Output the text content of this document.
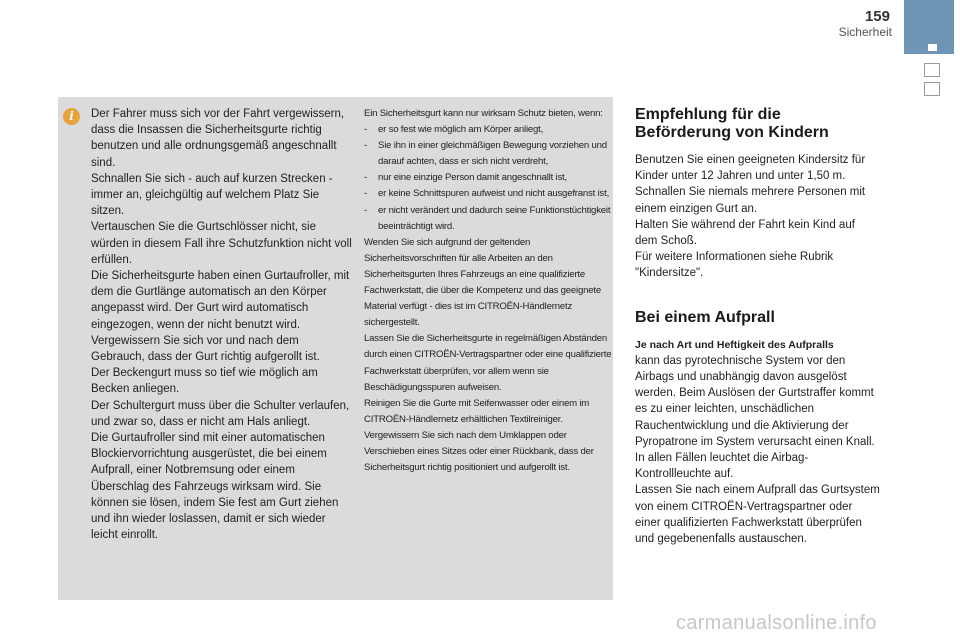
159
Sicherheit
i	Der Fahrer muss sich vor der Fahrt vergewissern, dass die Insassen die Sicherheitsgurte richtig benutzen und alle ordnungsgemäß angeschnallt sind.

Schnallen Sie sich - auch auf kurzen Strecken - immer an, gleichgültig auf welchem Platz Sie sitzen.

Vertauschen Sie die Gurtschlösser nicht, sie würden in diesem Fall ihre Schutzfunktion nicht voll erfüllen.

Die Sicherheitsgurte haben einen Gurtaufroller, mit dem die Gurtlänge automatisch an den Körper angepasst wird. Der Gurt wird automatisch eingezogen, wenn der nicht benutzt wird.

Vergewissern Sie sich vor und nach dem Gebrauch, dass der Gurt richtig aufgerollt ist.

Der Beckengurt muss so tief wie möglich am Becken anliegen.

Der Schultergurt muss über die Schulter verlaufen, und zwar so, dass er nicht am Hals anliegt.

Die Gurtaufroller sind mit einer automatischen Blockiervorrichtung ausgerüstet, die bei einem Aufprall, einer Notbremsung oder einem Überschlag des Fahrzeugs wirksam wird. Sie können sie lösen, indem Sie fest am Gurt ziehen und ihn wieder loslassen, damit er sich wieder leicht einrollt.

Ein Sicherheitsgurt kann nur wirksam Schutz bieten, wenn:

-	er so fest wie möglich am Körper anliegt,
-	Sie ihn in einer gleichmäßigen Bewegung vorziehen und darauf achten, dass er sich nicht verdreht,
-	nur eine einzige Person damit angeschnallt ist,
-	er keine Schnittspuren aufweist und nicht ausgefranst ist,
-	er nicht verändert und dadurch seine Funktionstüchtigkeit beeinträchtigt wird.

Wenden Sie sich aufgrund der geltenden Sicherheitsvorschriften für alle Arbeiten an den Sicherheitsgurten Ihres Fahrzeugs an eine qualifizierte Fachwerkstatt, die über die Kompetenz und das geeignete Material verfügt - dies ist im CITROËN-Händlernetz sichergestellt.

Lassen Sie die Sicherheitsgurte in regelmäßigen Abständen durch einen CITROËN-Vertragspartner oder eine qualifizierte Fachwerkstatt überprüfen, vor allem wenn sie Beschädigungsspuren aufweisen.

Reinigen Sie die Gurte mit Seifenwasser oder einem im CITROËN-Händlernetz erhältlichen Textilreiniger.

Vergewissern Sie sich nach dem Umklappen oder Verschieben eines Sitzes oder einer Rückbank, dass der Sicherheitsgurt richtig positioniert und aufgerollt ist.

Empfehlung für die Beförderung von Kindern

Benutzen Sie einen geeigneten Kindersitz für Kinder unter 12 Jahren und unter 1,50 m.

Schnallen Sie niemals mehrere Personen mit einem einzigen Gurt an.

Halten Sie während der Fahrt kein Kind auf dem Schoß.

Für weitere Informationen siehe Rubrik "Kindersitze".

Bei einem Aufprall

Je nach Art und Heftigkeit des Aufpralls

kann das pyrotechnische System vor den Airbags und unabhängig davon ausgelöst werden. Beim Auslösen der Gurtstraffer kommt es zu einer leichten, unschädlichen Rauchentwicklung und die Aktivierung der Pyropatrone im System verursacht einen Knall.

In allen Fällen leuchtet die Airbag-Kontrollleuchte auf.

Lassen Sie nach einem Aufprall das Gurtsystem von einem CITROËN-Vertragspartner oder einer qualifizierten Fachwerkstatt überprüfen und gegebenenfalls austauschen.

carmanualsonline.info
